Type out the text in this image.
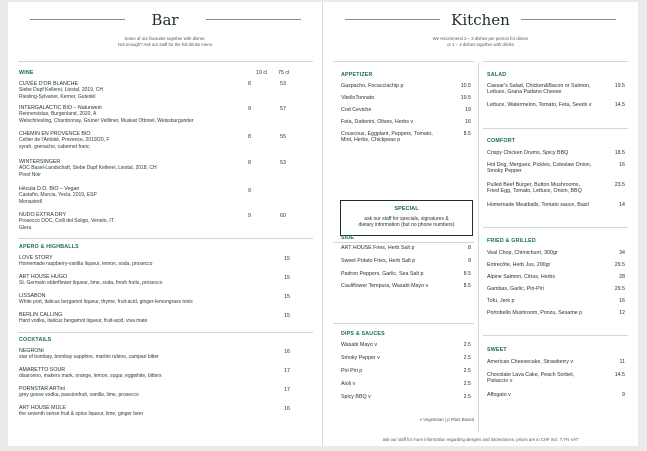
Bar
Some of our favourite together with dinner.
Not enough? Ask our staff for the full drinks menu
WINE	10 cl 75 cl
CUVÉE D'OR BLANCHE
Siebe Dupf Kellerei, Liestal, 2019, CH
Riesling-Sylvaner, Kerner, Gutedel
8	53
INTERGALACTIC BIO – Naturwein
Rennersistas, Burgenland, 2020, A
Welschriesling, Chardonnay, Grüner Veltliner, Muskat Ottonel, Weissburgunder
9	57
CHEMIN EN PROVENCE BIO
Cellier de l'Ambiié, Provence, 2019/20, F
syrah, grenache, cabernet franc
8	55
WINTERSINGER
AOC Basel-Landschaft, Siebe Dupf Kellerei, Liestal, 2018, CH
Pinot Noir
8	53
Hécula D.O. BIO – Vegan
Castaño, Murcia, Yecla, 2019, ESP
Monastrell
9
NUDO EXTRA DRY
Prosecco DOC, Colli del Soligo, Veneto, IT
Glera
9	60
APERO & HIGHBALLS
LOVE STORY
Homemade raspberry-vanilla liqueur, lemon, soda, prosecco
15
ART HOUSE HUGO
St. Germain elderflower liqueur, lime, soda, fresh fruits, prosecco
15
LISSABON
White port, italicus bergamot liqueur, thyme, fruit-acid, ginger-lemongrass tonic
15
BERLIN CALLING
Hard vodka, italicus bergamot liqueur, fruit-acid, viva mate
15
COCKTAILS
NEGRONI
star of bombay, bombay sapphire, martini rubino, campari bitter
16
AMARETTO SOUR
disaronno, makers mark, orange, lemon, sugar, eggwhite, bitters
17
PORNSTAR ARTini
grey goose vodka, passionfruit, vanilla, lime, prosecco
17
ART HOUSE MULE
the seventh sense fruit & spice liqueur, lime, ginger beer
16
Kitchen
We recommend 2 – 3 dishes per person for dinner
or 1 – 2 dishes together with drinks
APPETIZER
Gazpacho, Focacciachip p	10.5
VitelloTonnato	19.5
Cod Ceviche	19
Feta, Datterini, Olives, Herbs v	16
Couscous, Eggplant, Peppers, Tomato,
Mint, Herbs, Chickpeas p
8.5
SPECIAL
ask our staff for specials, signatures &
dietary information (but no phone numbers)
SIDE
ART HOUSE Fries, Herb Salt p	8
Sweet Potato Fries, Herb Salt p	9
Padron Peppers, Garlic, Sea Salt p	8.5
Cauliflower Tempura, Wasabi Mayo v	8.5
DIPS & SAUCES
Wasabi Mayo v	2.5
Smoky Pepper v	2.5
Piri Piri p	2.5
Aioli v	2.5
Spicy BBQ v	2.5
v Vegetarian | p Plant Based
SALAD
Caesar's Salad, Chicken&Bacon or Salmon,
Lettuce, Grana Padano Cheese
19.5
Lettuce, Watermelon, Tomato, Feta, Seeds v	14.5
COMFORT
Crispy Chicken Drums, Spicy BBQ	18.5
Hot Dog, Merguez, Pickles, Coleslaw Onion,
Smoky Pepper
16
Pulled Beef Burger, Button Mushrooms,
Fried Egg, Tomato, Lettuce, Onion, BBQ
23.5
Homemade Meatballs, Tomato sauce, Basil	14
FRIED & GRILLED
Veal Chop, Chimichurri, 300gr	34
Entrecôte, Herb Jus, 200gr	29.5
Alpine Salmon, Citrus, Herbs	28
Gambas, Garlic, Piri-Piri	29.5
Tofu, Jerk p	16
Portobello Mushroom, Ponzu, Sesame p	12
SWEET
American Cheesecake, Strawberry v	11
Chocolate Lava Cake, Peach Sorbet,
Pistaccio v
14.5
Affogato v	9
ask our staff for more information regarding alergies and intolerances, prices are in CHF incl. 7,7% VAT
